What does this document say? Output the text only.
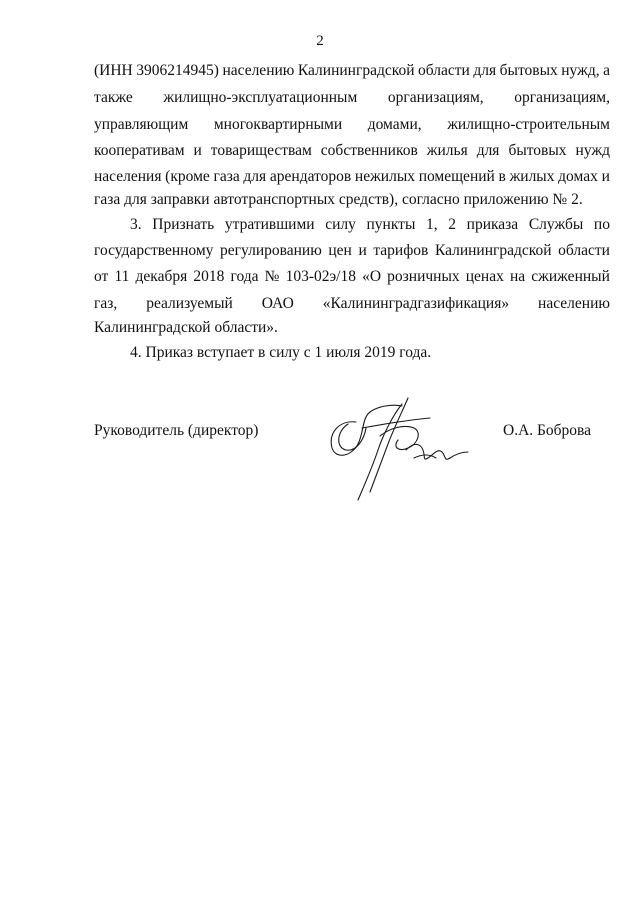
2
(ИНН 3906214945) населению Калининградской области для бытовых нужд, а
также жилищно-эксплуатационным организациям, организациям,
управляющим многоквартирными домами, жилищно-строительным
кооперативам и товариществам собственников жилья для бытовых нужд
населения (кроме газа для арендаторов нежилых помещений в жилых домах и
газа для заправки автотранспортных средств), согласно приложению № 2.
3. Признать утратившими силу пункты 1, 2 приказа Службы по
государственному регулированию цен и тарифов Калининградской области
от 11 декабря 2018 года № 103-02э/18 «О розничных ценах на сжиженный
газ, реализуемый ОАО «Калининградгазификация» населению
Калининградской области».
4. Приказ вступает в силу с 1 июля 2019 года.
Руководитель (директор)	О.А. Боброва
